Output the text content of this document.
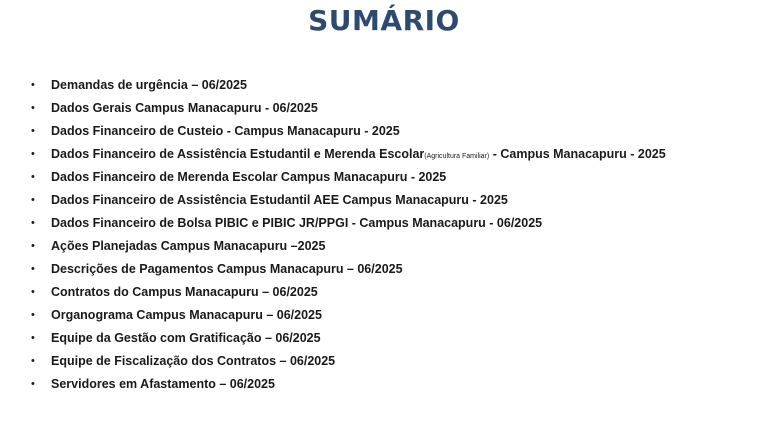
SUMÁRIO
• Demandas de urgência – 06/2025
• Dados Gerais Campus Manacapuru - 06/2025
• Dados Financeiro de Custeio - Campus Manacapuru - 2025
• Dados Financeiro de Assistência Estudantil e Merenda Escolar(Agricultura Familiar) - Campus Manacapuru - 2025
• Dados Financeiro de Merenda Escolar Campus Manacapuru - 2025
• Dados Financeiro de Assistência Estudantil AEE Campus Manacapuru - 2025
• Dados Financeiro de Bolsa PIBIC e PIBIC JR/PPGI - Campus Manacapuru - 06/2025
• Ações Planejadas Campus Manacapuru –2025
• Descrições de Pagamentos Campus Manacapuru – 06/2025
• Contratos do Campus Manacapuru – 06/2025
• Organograma Campus Manacapuru – 06/2025
• Equipe da Gestão com Gratificação – 06/2025
• Equipe de Fiscalização dos Contratos – 06/2025
• Servidores em Afastamento – 06/2025
